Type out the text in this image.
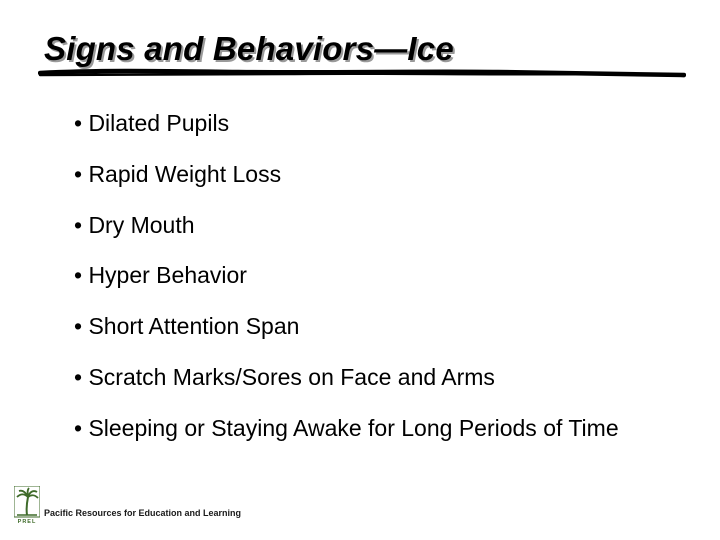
Signs and Behaviors—Ice
• Dilated Pupils
• Rapid Weight Loss
• Dry Mouth
• Hyper Behavior
• Short Attention Span
• Scratch Marks/Sores on Face and Arms
• Sleeping or Staying Awake for Long Periods of Time
PREL
Pacific Resources for Education and Learning
